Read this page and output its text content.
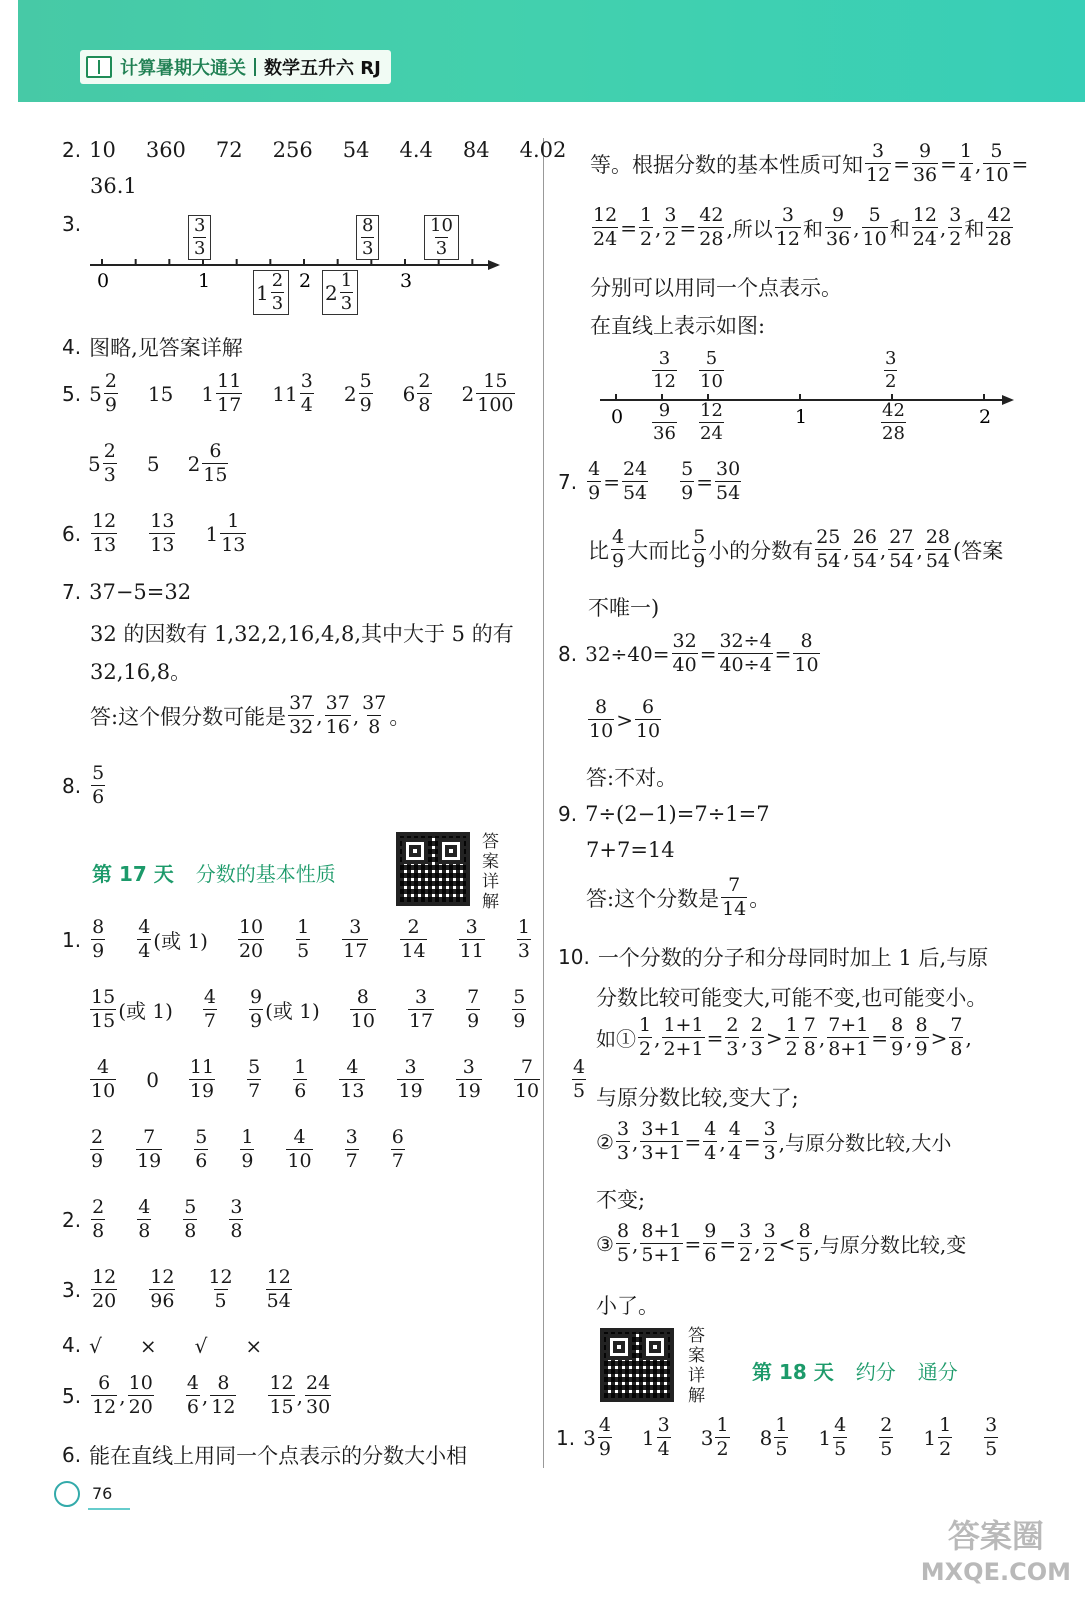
计算暑期大通关 数学五升六 RJ
2. 10 360 72 256 54 4.4 84 4.02
36.1
3.
0	1	2	3
$\frac{3}{3}$	$\frac{8}{3}$	$\frac{10}{3}$
$1 \frac{2}{3} 2 \frac{1}{3}$
4. 图略,见答案详解
5. $5 \frac{2}{9} 15$ $1 \frac{11}{17} 11 \frac{3}{4} 2 \frac{5}{9} 6 \frac{2}{8} 2 \frac{15}{100}$
$5 \frac{2}{3} 5$ $2 \frac{6}{15}$
6. $\frac{12}{13} \frac{13}{13} 1 \frac{1}{13}$
7. 37−5=32
32 的因数有 1,32,2,16,4,8,其中大于 5 的有
32,16,8。
答:这个假分数可能是 $\frac{37}{32}$ , $\frac{37}{16}$ , $\frac{37}{8}$ 。
8. $\frac{5}{6}$
第 17 天 分数的基本性质
答案详解
1. $\frac{8}{9} \frac{4}{4}$ (或 $1) \frac{10}{20} \frac{1}{5} \frac{3}{17} \frac{2}{14} \frac{3}{11} \frac{1}{3}$
$\frac{15}{15}$ (或 $1) \frac{4}{7} \frac{9}{9}$ (或 $1) \frac{8}{10} \frac{3}{17} \frac{7}{9} \frac{5}{9}$
$\frac{4}{10} 0 \frac{11}{19} \frac{5}{7} \frac{1}{6} \frac{4}{13} \frac{3}{19} \frac{3}{19} \frac{7}{10} \frac{4}{5}$
$\frac{2}{9} \frac{7}{19} \frac{5}{6} \frac{1}{9} \frac{4}{10} \frac{3}{7} \frac{6}{7}$
2. $\frac{2}{8} \frac{4}{8} \frac{5}{8} \frac{3}{8}$
3. $\frac{12}{20} \frac{12}{96} \frac{12}{5} \frac{12}{54}$
4. √ × √ ×
5. $\frac{6}{12}$ , $\frac{10}{20} \frac{4}{6}$ , $\frac{8}{12} \frac{12}{15}$ , $\frac{24}{30}$
6. 能在直线上用同一个点表示的分数大小相
等。根据分数的基本性质可知 $\frac{3}{12} = \frac{9}{36} = \frac{1}{4}$ , $\frac{5}{10}$ =
$\frac{12}{24} = \frac{1}{2}$ , $\frac{3}{2} = \frac{42}{28}$ ,所以 $\frac{3}{12}$ 和 $\frac{9}{36}$ , $\frac{5}{10}$ 和 $\frac{12}{24}$ , $\frac{3}{2}$ 和 $\frac{42}{28}$
分别可以用同一个点表示。
在直线上表示如图:
0	1	2
$\frac{3}{12} \frac{5}{10}$	$\frac{3}{2}$
$\frac{9}{36} \frac{12}{24}$	$\frac{42}{28}$
7. $\frac{4}{9} = \frac{24}{54} \frac{5}{9} = \frac{30}{54}$
比 $\frac{4}{9}$ 大而比 $\frac{5}{9}$ 小的分数有 $\frac{25}{54}$ , $\frac{26}{54}$ , $\frac{27}{54}$ , $\frac{28}{54}$ (答案
不唯一)
8. $32\div 40= \frac{32}{40} = \frac{32\div 4}{40\div 4} = \frac{8}{10}$
$\frac{8}{10} > \frac{6}{10}$
答:不对。
9. 7÷(2−1)=7÷1=7
7+7=14
答:这个分数是 $\frac{7}{14}$ 。
10. 一个分数的分子和分母同时加上 1 后,与原
分数比较可能变大,可能不变,也可能变小。
如① $\frac{1}{2}$ , $\frac{1+1}{2+1} = \frac{2}{3}$ , $\frac{2}{3} > \frac{1}{2} \frac{7}{8}$ , $\frac{7+1}{8+1} = \frac{8}{9}$ , $\frac{8}{9} > \frac{7}{8}$ ,
与原分数比较,变大了;
② $\frac{3}{3}$ , $\frac{3+1}{3+1} = \frac{4}{4}$ , $\frac{4}{4} = \frac{3}{3}$ ,与原分数比较,大小
不变;
③ $\frac{8}{5}$ , $\frac{8+1}{5+1} = \frac{9}{6} = \frac{3}{2}$ , $\frac{3}{2} < \frac{8}{5}$ ,与原分数比较,变
小了。
答案详解
第 18 天 约分 通分
1. $3 \frac{4}{9} 1 \frac{3}{4} 3 \frac{1}{2} 8 \frac{1}{5} 1 \frac{4}{5} \frac{2}{5} 1 \frac{1}{2} \frac{3}{5}$
76
答案圈
MXQE.COM
